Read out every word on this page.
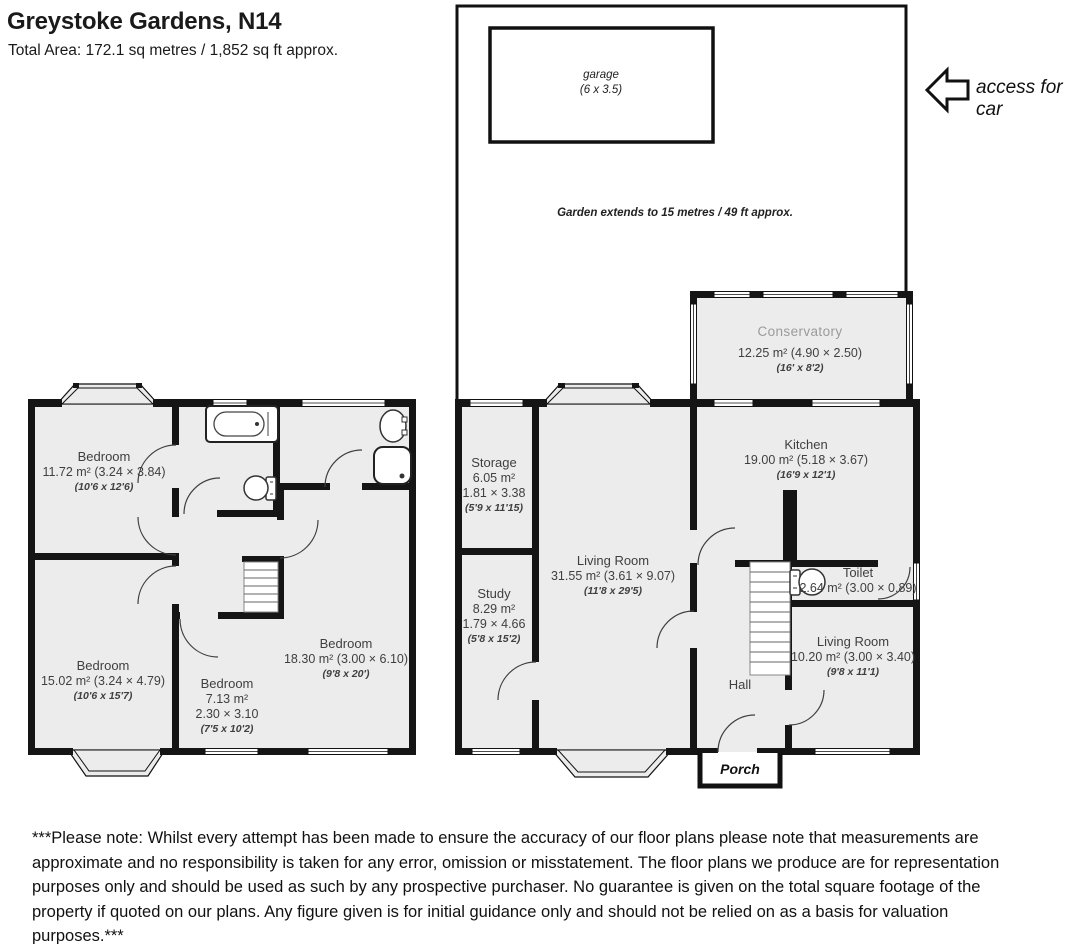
Greystoke Gardens, N14
Total Area: 172.1 sq metres / 1,852 sq ft approx.
garage
(6 x 3.5)
Garden extends to 15 metres / 49 ft approx.
access for car
Bedroom
11.72 m² (3.24 × 3.84)
(10'6 x 12'6)
Bedroom
15.02 m² (3.24 × 4.79)
(10'6 x 15'7)
Bedroom
7.13 m²
2.30 × 3.10
(7'5 x 10'2)
Bedroom
18.30 m² (3.00 × 6.10)
(9'8 x 20')
Storage
6.05 m²
1.81 × 3.38
(5'9 x 11'15)
Study
8.29 m²
1.79 × 4.66
(5'8 x 15'2)
Living Room
31.55 m² (3.61 × 9.07)
(11'8 x 29'5)
Conservatory
12.25 m² (4.90 × 2.50)
(16' x 8'2)
Kitchen
19.00 m² (5.18 × 3.67)
(16'9 x 12'1)
Toilet
2.64 m² (3.00 × 0.89)
Living Room
10.20 m² (3.00 × 3.40)
(9'8 x 11'1)
Hall
Porch
***Please note: Whilst every attempt has been made to ensure the accuracy of our floor plans please note that measurements are approximate and no responsibility is taken for any error, omission or misstatement. The floor plans we produce are for representation purposes only and should be used as such by any prospective purchaser. No guarantee is given on the total square footage of the property if quoted on our plans. Any figure given is for initial guidance only and should not be relied on as a basis for valuation purposes.***
